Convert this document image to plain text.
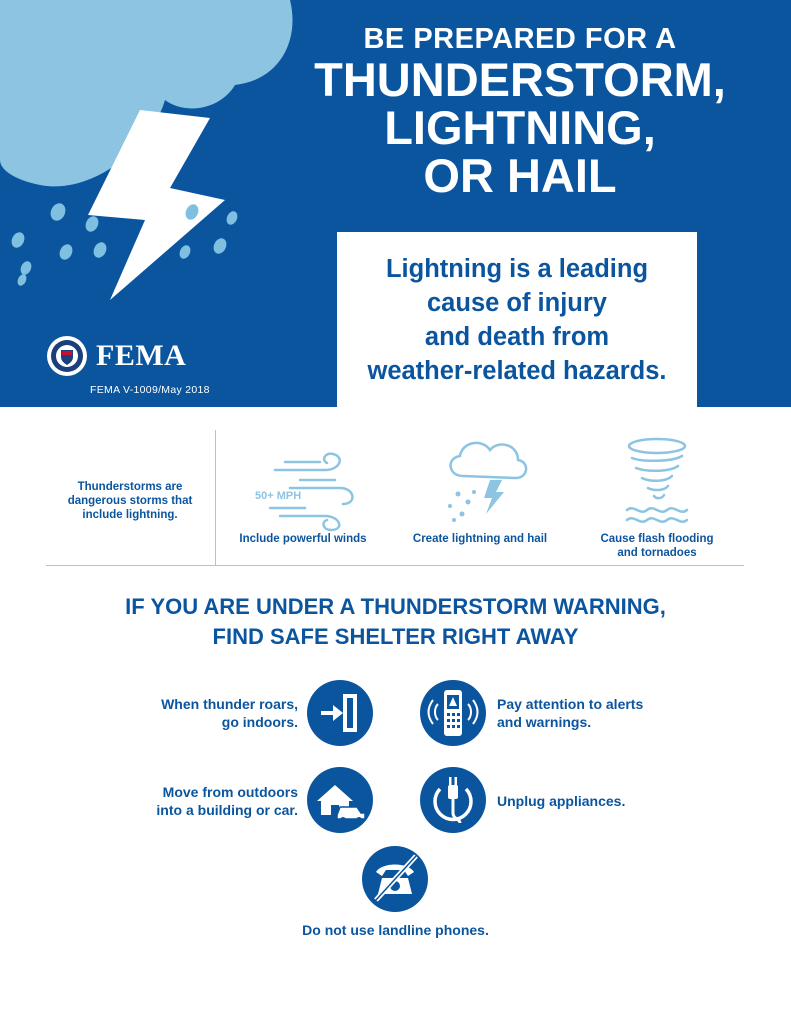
BE PREPARED FOR A
THUNDERSTORM,
LIGHTNING,
OR HAIL
Lightning is a leading
cause of injury
and death from
weather-related hazards.
FEMA
FEMA V-1009/May 2018
Thunderstorms are
dangerous storms that
include lightning.
50+ MPH
Include powerful winds	Create lightning and hail	Cause flash flooding
and tornadoes
IF YOU ARE UNDER A THUNDERSTORM WARNING,
FIND SAFE SHELTER RIGHT AWAY
When thunder roars,
go indoors.
Pay attention to alerts
and warnings.
Move from outdoors
into a building or car.
Unplug appliances.
Do not use landline phones.
